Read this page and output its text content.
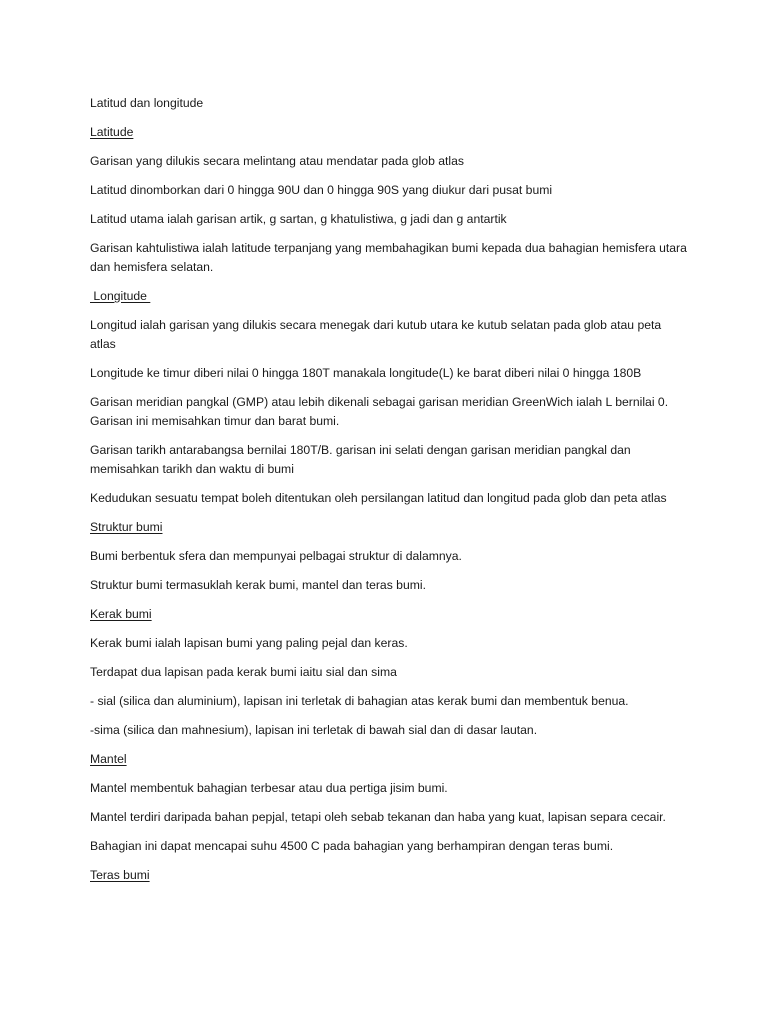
Latitud dan longitude

Latitude

Garisan yang dilukis secara melintang atau mendatar pada glob atlas

Latitud dinomborkan dari 0 hingga 90U dan 0 hingga 90S yang diukur dari pusat bumi

Latitud utama ialah garisan artik, g sartan, g khatulistiwa, g jadi dan g antartik

Garisan kahtulistiwa ialah latitude terpanjang yang membahagikan bumi kepada dua bahagian hemisfera utara dan hemisfera selatan.

Longitude

Longitud ialah garisan yang dilukis secara menegak dari kutub utara ke kutub selatan pada glob atau peta atlas

Longitude ke timur diberi nilai 0 hingga 180T manakala longitude(L) ke barat diberi nilai 0 hingga 180B

Garisan meridian pangkal (GMP) atau lebih dikenali sebagai garisan meridian GreenWich ialah L bernilai 0. Garisan ini memisahkan timur dan barat bumi.

Garisan tarikh antarabangsa bernilai 180T/B. garisan ini selati dengan garisan meridian pangkal dan memisahkan tarikh dan waktu di bumi

Kedudukan sesuatu tempat boleh ditentukan oleh persilangan latitud dan longitud pada glob dan peta atlas

Struktur bumi

Bumi berbentuk sfera dan mempunyai pelbagai struktur di dalamnya.

Struktur bumi termasuklah kerak bumi, mantel dan teras bumi.

Kerak bumi

Kerak bumi ialah lapisan bumi yang paling pejal dan keras.

Terdapat dua lapisan pada kerak bumi iaitu sial dan sima

- sial (silica dan aluminium), lapisan ini terletak di bahagian atas kerak bumi dan membentuk benua.

-sima (silica dan mahnesium), lapisan ini terletak di bawah sial dan di dasar lautan.

Mantel

Mantel membentuk bahagian terbesar atau dua pertiga jisim bumi.

Mantel terdiri daripada bahan pepjal, tetapi oleh sebab tekanan dan haba yang kuat, lapisan separa cecair.

Bahagian ini dapat mencapai suhu 4500 C pada bahagian yang berhampiran dengan teras bumi.

Teras bumi
